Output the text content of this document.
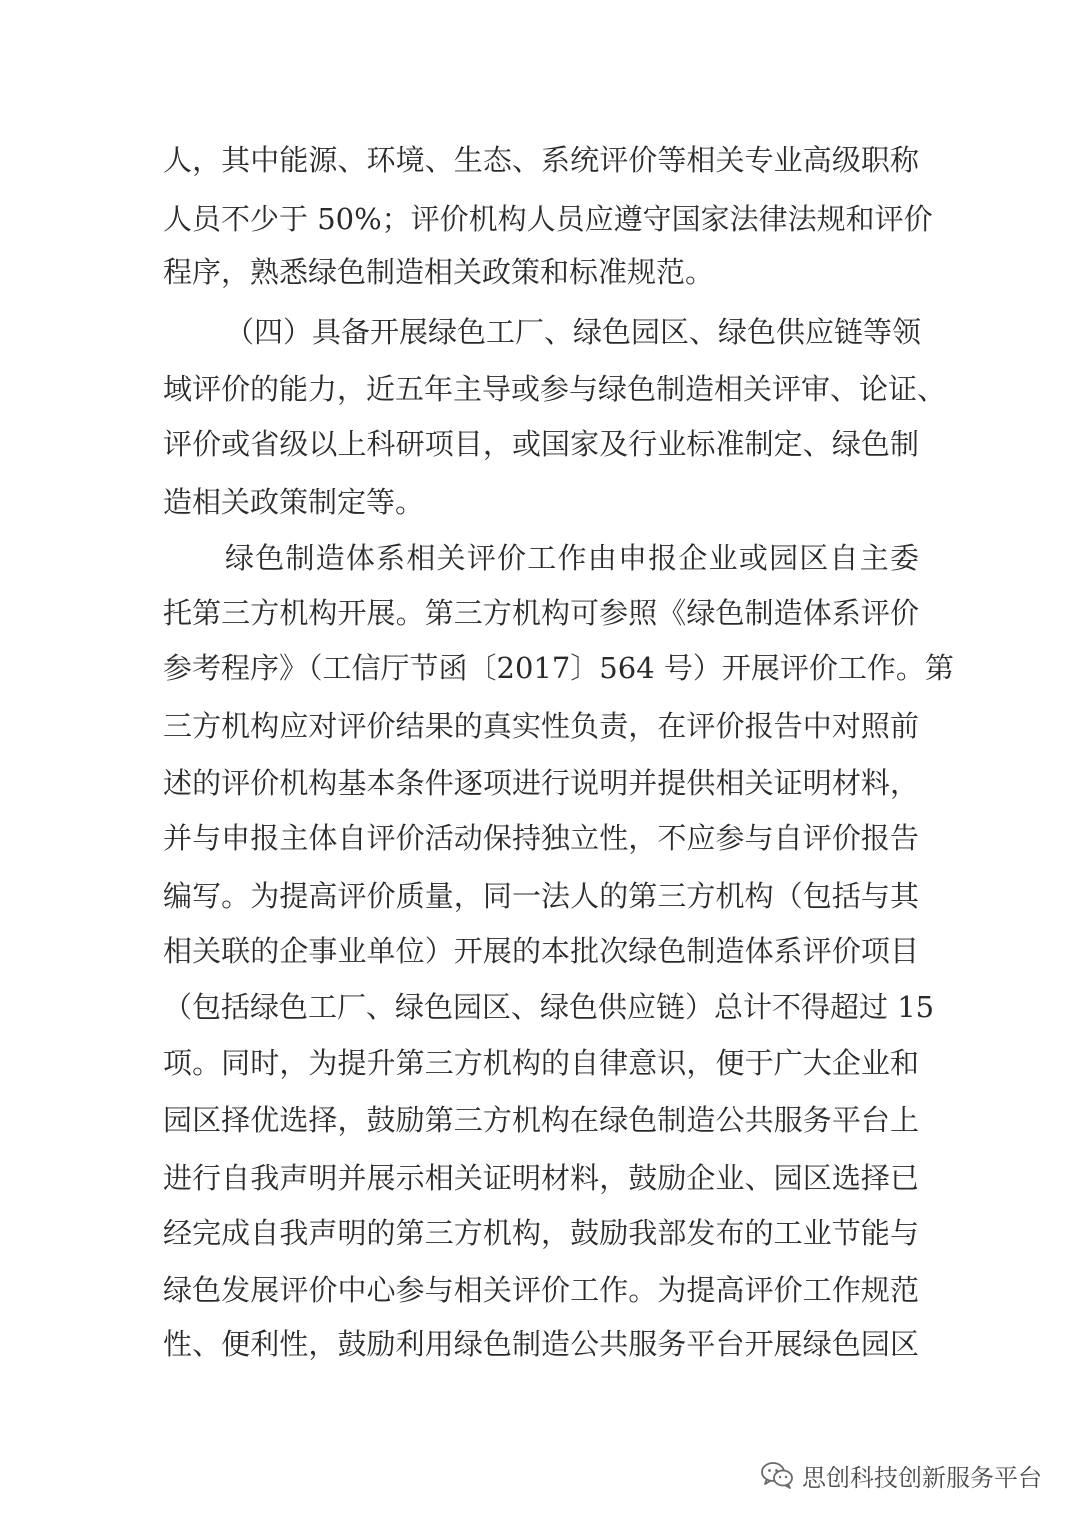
人，其中能源、环境、生态、系统评价等相关专业高级职称
人员不少于 50%；评价机构人员应遵守国家法律法规和评价
程序，熟悉绿色制造相关政策和标准规范。
（四）具备开展绿色工厂、绿色园区、绿色供应链等领
域评价的能力，近五年主导或参与绿色制造相关评审、论证、
评价或省级以上科研项目，或国家及行业标准制定、绿色制
造相关政策制定等。
绿色制造体系相关评价工作由申报企业或园区自主委
托第三方机构开展。第三方机构可参照《绿色制造体系评价
参考程序》（工信厅节函〔2017〕564 号）开展评价工作。第
三方机构应对评价结果的真实性负责，在评价报告中对照前
述的评价机构基本条件逐项进行说明并提供相关证明材料，
并与申报主体自评价活动保持独立性，不应参与自评价报告
编写。为提高评价质量，同一法人的第三方机构（包括与其
相关联的企事业单位）开展的本批次绿色制造体系评价项目
（包括绿色工厂、绿色园区、绿色供应链）总计不得超过 15
项。同时，为提升第三方机构的自律意识，便于广大企业和
园区择优选择，鼓励第三方机构在绿色制造公共服务平台上
进行自我声明并展示相关证明材料，鼓励企业、园区选择已
经完成自我声明的第三方机构，鼓励我部发布的工业节能与
绿色发展评价中心参与相关评价工作。为提高评价工作规范
性、便利性，鼓励利用绿色制造公共服务平台开展绿色园区
思创科技创新服务平台
